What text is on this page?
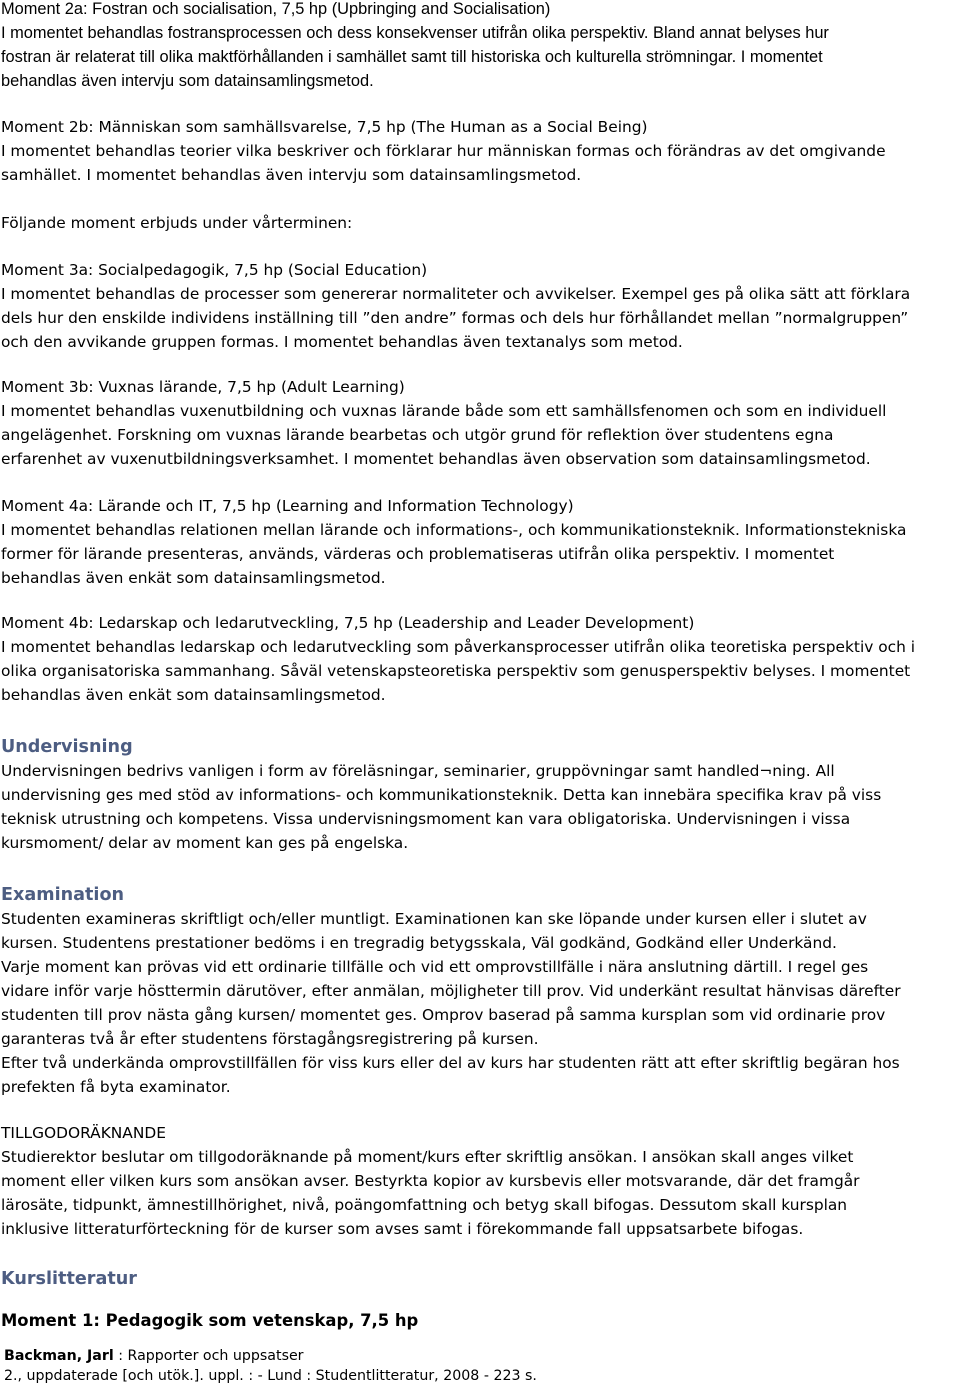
Moment 2a: Fostran och socialisation, 7,5 hp (Upbringing and Socialisation)
I momentet behandlas fostransprocessen och dess konsekvenser utifrån olika perspektiv. Bland annat belyses hur
fostran är relaterat till olika maktförhållanden i samhället samt till historiska och kulturella strömningar. I momentet
behandlas även intervju som datainsamlingsmetod.
Moment 2b: Människan som samhällsvarelse, 7,5 hp (The Human as a Social Being)
I momentet behandlas teorier vilka beskriver och förklarar hur människan formas och förändras av det omgivande
samhället. I momentet behandlas även intervju som datainsamlingsmetod.
Följande moment erbjuds under vårterminen:
Moment 3a: Socialpedagogik, 7,5 hp (Social Education)
I momentet behandlas de processer som genererar normaliteter och avvikelser. Exempel ges på olika sätt att förklara
dels hur den enskilde individens inställning till ”den andre” formas och dels hur förhållandet mellan ”normalgruppen”
och den avvikande gruppen formas. I momentet behandlas även textanalys som metod.
Moment 3b: Vuxnas lärande, 7,5 hp (Adult Learning)
I momentet behandlas vuxenutbildning och vuxnas lärande både som ett samhällsfenomen och som en individuell
angelägenhet. Forskning om vuxnas lärande bearbetas och utgör grund för reflektion över studentens egna
erfarenhet av vuxenutbildningsverksamhet. I momentet behandlas även observation som datainsamlingsmetod.
Moment 4a: Lärande och IT, 7,5 hp (Learning and Information Technology)
I momentet behandlas relationen mellan lärande och informations-, och kommunikationsteknik. Informationstekniska
former för lärande presenteras, används, värderas och problematiseras utifrån olika perspektiv. I momentet
behandlas även enkät som datainsamlingsmetod.
Moment 4b: Ledarskap och ledarutveckling, 7,5 hp (Leadership and Leader Development)
I momentet behandlas ledarskap och ledarutveckling som påverkansprocesser utifrån olika teoretiska perspektiv och i
olika organisatoriska sammanhang. Såväl vetenskapsteoretiska perspektiv som genusperspektiv belyses. I momentet
behandlas även enkät som datainsamlingsmetod.
Undervisning
Undervisningen bedrivs vanligen i form av föreläsningar, seminarier, gruppövningar samt handled¬ning. All
undervisning ges med stöd av informations- och kommunikationsteknik. Detta kan innebära specifika krav på viss
teknisk utrustning och kompetens. Vissa undervisningsmoment kan vara obligatoriska. Undervisningen i vissa
kursmoment/ delar av moment kan ges på engelska.
Examination
Studenten examineras skriftligt och/eller muntligt. Examinationen kan ske löpande under kursen eller i slutet av
kursen. Studentens prestationer bedöms i en tregradig betygsskala, Väl godkänd, Godkänd eller Underkänd.
Varje moment kan prövas vid ett ordinarie tillfälle och vid ett omprovstillfälle i nära anslutning därtill. I regel ges
vidare inför varje hösttermin därutöver, efter anmälan, möjligheter till prov. Vid underkänt resultat hänvisas därefter
studenten till prov nästa gång kursen/ momentet ges. Omprov baserad på samma kursplan som vid ordinarie prov
garanteras två år efter studentens förstagångsregistrering på kursen.
Efter två underkända omprovstillfällen för viss kurs eller del av kurs har studenten rätt att efter skriftlig begäran hos
prefekten få byta examinator.
TILLGODORÄKNANDE
Studierektor beslutar om tillgodoräknande på moment/kurs efter skriftlig ansökan. I ansökan skall anges vilket
moment eller vilken kurs som ansökan avser. Bestyrkta kopior av kursbevis eller motsvarande, där det framgår
lärosäte, tidpunkt, ämnestillhörighet, nivå, poängomfattning och betyg skall bifogas. Dessutom skall kursplan
inklusive litteraturförteckning för de kurser som avses samt i förekommande fall uppsatsarbete bifogas.
Kurslitteratur
Moment 1: Pedagogik som vetenskap, 7,5 hp
Backman, Jarl : Rapporter och uppsatser
2., uppdaterade [och utök.]. uppl. : - Lund : Studentlitteratur, 2008 - 223 s.
